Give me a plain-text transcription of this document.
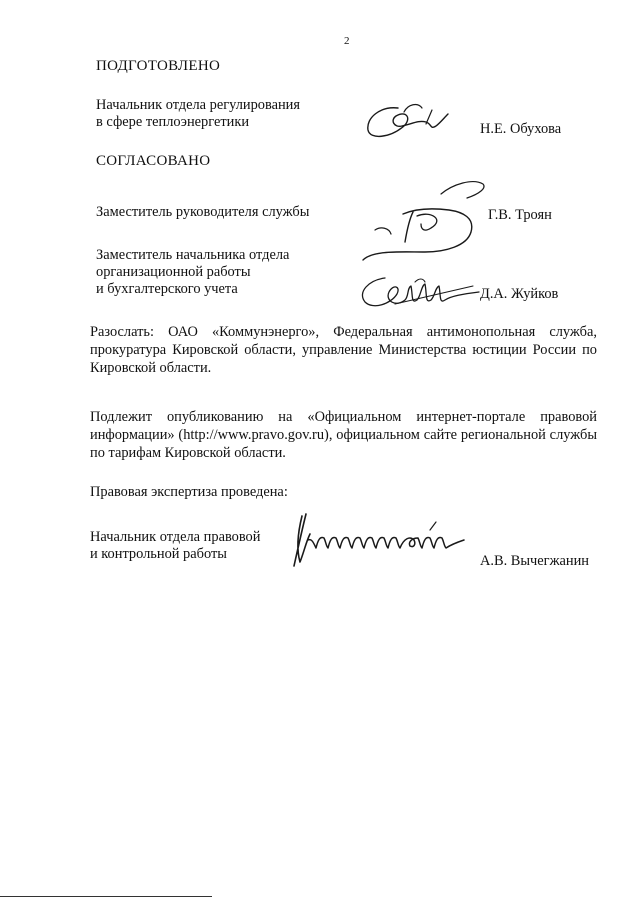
2
ПОДГОТОВЛЕНО
Начальник отдела регулирования
в сфере теплоэнергетики	Н.Е. Обухова
СОГЛАСОВАНО
Заместитель руководителя службы	Г.В. Троян
Заместитель начальника отдела
организационной работы
и бухгалтерского учета	Д.А. Жуйков
Разослать: ОАО «Коммунэнерго», Федеральная антимонопольная служба, прокуратура Кировской области, управление Министерства юстиции России по Кировской области.
Подлежит опубликованию на «Официальном интернет-портале правовой информации» (http://www.pravo.gov.ru), официальном сайте региональной службы по тарифам Кировской области.
Правовая экспертиза проведена:
Начальник отдела правовой
и контрольной работы	А.В. Вычегжанин
